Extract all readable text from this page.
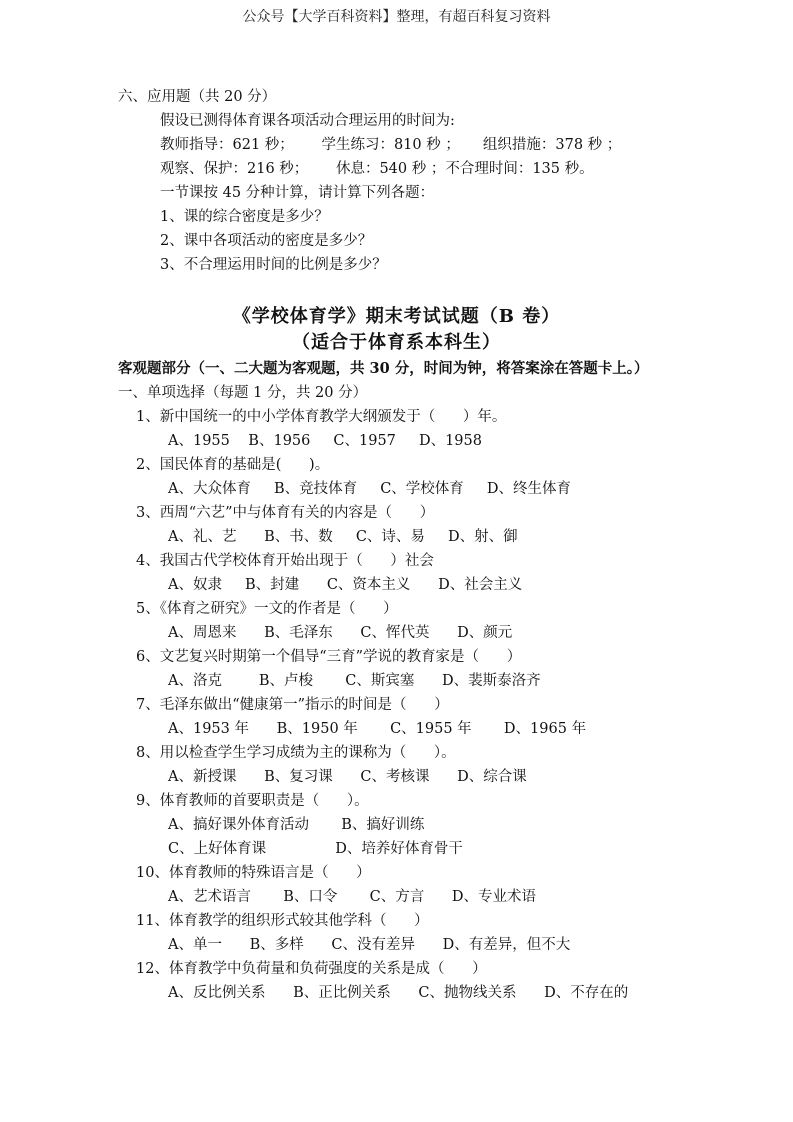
公众号【大学百科资料】整理，有超百科复习资料
六、应用题（共 20 分）
假设已测得体育课各项活动合理运用的时间为:
教师指导：621 秒；      学生练习：810 秒 ；     组织措施：378 秒 ；
观察、保护：216 秒；      休息：540 秒 ；不合理时间：135 秒。
一节课按 45 分种计算，请计算下列各题：
1、课的综合密度是多少？
2、课中各项活动的密度是多少？
3、不合理运用时间的比例是多少？
《学校体育学》期末考试试题（B 卷）
（适合于体育系本科生）
客观题部分（一、二大题为客观题，共 30 分，时间为钟，将答案涂在答题卡上。）
一、单项选择（每题 1 分，共 20 分）
1、新中国统一的中小学体育教学大纲颁发于（      ）年。
A、1955    B、1956     C、1957     D、1958
2、国民体育的基础是(      )。
A、大众体育     B、竞技体育     C、学校体育     D、终生体育
3、西周“六艺”中与体育有关的内容是（      ）
A、礼、艺      B、书、数     C、诗、易     D、射、御
4、我国古代学校体育开始出现于（      ）社会
A、奴隶     B、封建      C、资本主义      D、社会主义
5、《体育之研究》一文的作者是（      ）
A、周恩来      B、毛泽东      C、恽代英      D、颜元
6、文艺复兴时期第一个倡导“三育”学说的教育家是（      ）
A、洛克        B、卢梭       C、斯宾塞      D、裴斯泰洛齐
7、毛泽东做出“健康第一”指示的时间是（      ）
A、1953 年      B、1950 年       C、1955 年       D、1965 年
8、用以检查学生学习成绩为主的课称为（      ）。
A、新授课      B、复习课      C、考核课      D、综合课
9、体育教师的首要职责是（      ）。
A、搞好课外体育活动       B、搞好训练
C、上好体育课               D、培养好体育骨干
10、体育教师的特殊语言是（      ）
A、艺术语言       B、口令       C、方言      D、专业术语
11、体育教学的组织形式较其他学科（      ）
A、单一      B、多样      C、没有差异      D、有差异，但不大
12、体育教学中负荷量和负荷强度的关系是成（      ）
A、反比例关系      B、正比例关系      C、抛物线关系      D、不存在的
